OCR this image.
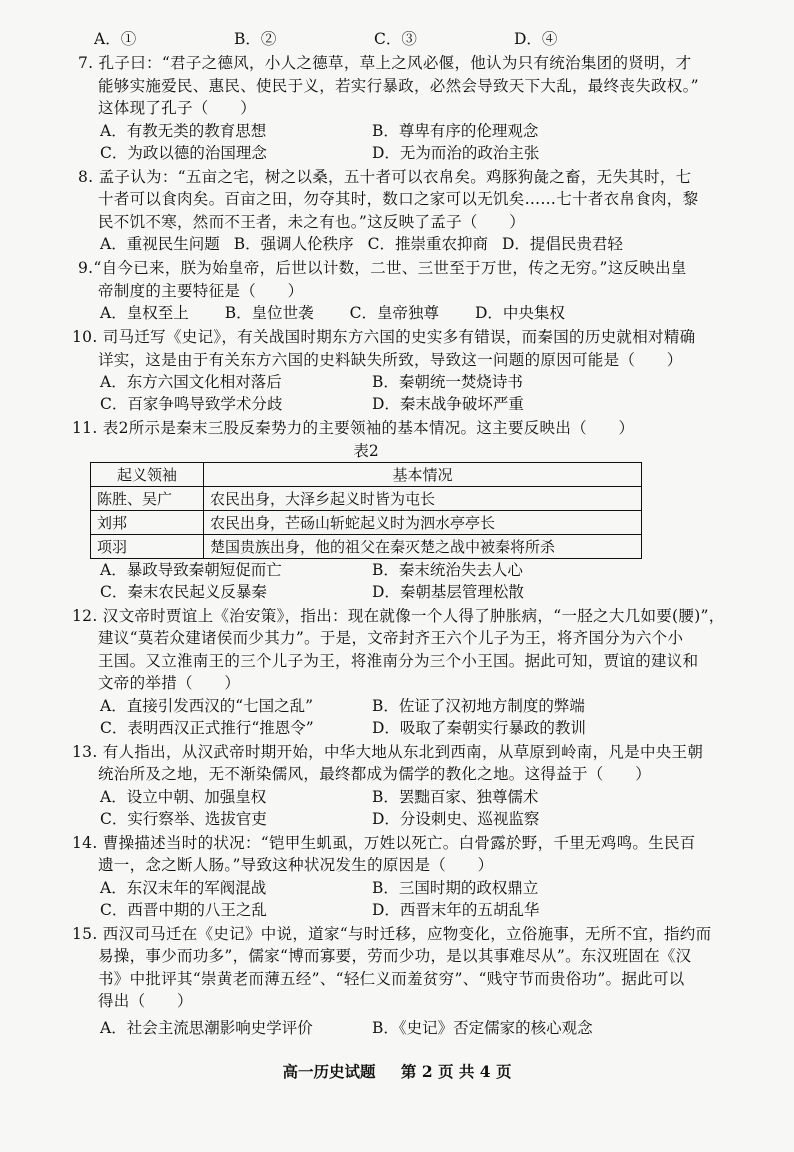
A．①	B．②	C．③	D．④
7. 孔子曰：“君子之德风，小人之德草，草上之风必偃，他认为只有统治集团的贤明，才
能够实施爱民、惠民、使民于义，若实行暴政，必然会导致天下大乱，最终丧失政权。”
这体现了孔子（　　）
A．有教无类的教育思想	B．尊卑有序的伦理观念
C．为政以德的治国理念	D．无为而治的政治主张
8. 孟子认为：“五亩之宅，树之以桑，五十者可以衣帛矣。鸡豚狗彘之畜，无失其时，七
十者可以食肉矣。百亩之田，勿夺其时，数口之家可以无饥矣……七十者衣帛食肉，黎
民不饥不寒，然而不王者，未之有也。”这反映了孟子（　　）
A．重视民生问题 B．强调人伦秩序 C．推崇重农抑商 D．提倡民贵君轻
9.“自今已来，朕为始皇帝，后世以计数，二世、三世至于万世，传之无穷。”这反映出皇
帝制度的主要特征是（　　）
A．皇权至上 B．皇位世袭 C．皇帝独尊 D．中央集权
10. 司马迁写《史记》，有关战国时期东方六国的史实多有错误，而秦国的历史就相对精确
详实，这是由于有关东方六国的史料缺失所致，导致这一问题的原因可能是（　　）
A．东方六国文化相对落后	B．秦朝统一焚烧诗书
C．百家争鸣导致学术分歧	D．秦末战争破坏严重
11. 表2所示是秦末三股反秦势力的主要领袖的基本情况。这主要反映出（　　）
表2
起义领袖	基本情况
陈胜、吴广	农民出身，大泽乡起义时皆为屯长
刘邦	农民出身，芒砀山斩蛇起义时为泗水亭亭长
项羽	楚国贵族出身，他的祖父在秦灭楚之战中被秦将所杀
A．暴政导致秦朝短促而亡	B．秦末统治失去人心
C．秦末农民起义反暴秦	D．秦朝基层管理松散
12. 汉文帝时贾谊上《治安策》，指出：现在就像一个人得了肿胀病，“一胫之大几如要(腰)”，
建议“莫若众建诸侯而少其力”。于是，文帝封齐王六个儿子为王，将齐国分为六个小
王国。又立淮南王的三个儿子为王，将淮南分为三个小王国。据此可知，贾谊的建议和
文帝的举措（　　）
A．直接引发西汉的“七国之乱”	B．佐证了汉初地方制度的弊端
C．表明西汉正式推行“推恩令”	D．吸取了秦朝实行暴政的教训
13. 有人指出，从汉武帝时期开始，中华大地从东北到西南，从草原到岭南，凡是中央王朝
统治所及之地，无不渐染儒风，最终都成为儒学的教化之地。这得益于（　　）
A．设立中朝、加强皇权	B．罢黜百家、独尊儒术
C．实行察举、选拔官吏	D．分设刺史、巡视监察
14. 曹操描述当时的状况：“铠甲生虮虱，万姓以死亡。白骨露於野，千里无鸡鸣。生民百
遗一，念之断人肠。”导致这种状况发生的原因是（　　）
A．东汉末年的军阀混战	B．三国时期的政权鼎立
C．西晋中期的八王之乱	D．西晋末年的五胡乱华
15. 西汉司马迁在《史记》中说，道家“与时迁移，应物变化，立俗施事，无所不宜，指约而
易操，事少而功多”，儒家“博而寡要，劳而少功，是以其事难尽从”。东汉班固在《汉
书》中批评其“崇黄老而薄五经”、“轻仁义而羞贫穷”、“贱守节而贵俗功”。据此可以
得出（　　）
A．社会主流思潮影响史学评价	B．《史记》否定儒家的核心观念
高一历史试题 第 2 页 共 4 页
